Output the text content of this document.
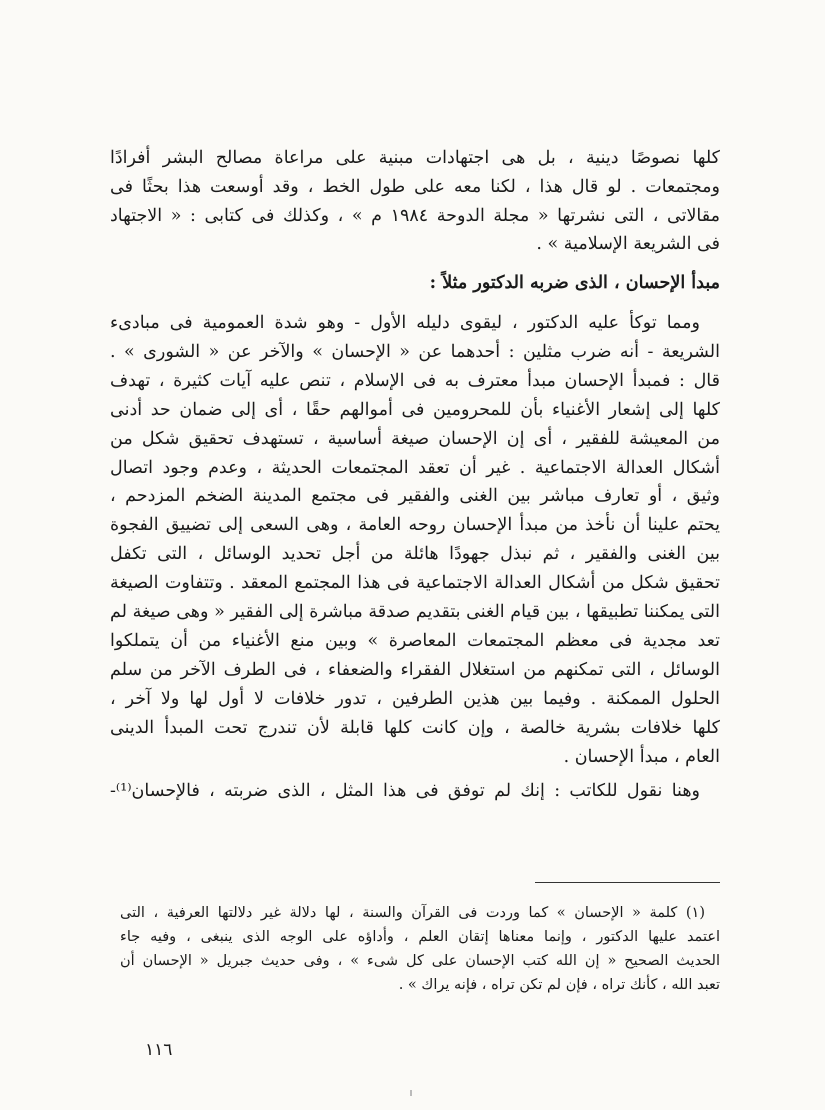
كلها نصوصًا دينية ، بل هى اجتهادات مبنية على مراعاة مصالح البشر أفرادًا
ومجتمعات . لو قال هذا ، لكنا معه على طول الخط ، وقد أوسعت هذا بحثًا فى
مقالاتى ، التى نشرتها « مجلة الدوحة ١٩٨٤ م » ، وكذلك فى كتابى : « الاجتهاد
فى الشريعة الإسلامية » .
مبدأ الإحسان ، الذى ضربه الدكتور مثلاً :
ومما توكأ عليه الدكتور ، ليقوى دليله الأول - وهو شدة العمومية فى مبادىء
الشريعة - أنه ضرب مثلين : أحدهما عن « الإحسان » والآخر عن « الشورى » .
قال : فمبدأ الإحسان مبدأ معترف به فى الإسلام ، تنص عليه آيات كثيرة ، تهدف
كلها إلى إشعار الأغنياء بأن للمحرومين فى أموالهم حقًا ، أى إلى ضمان حد أدنى
من المعيشة للفقير ، أى إن الإحسان صيغة أساسية ، تستهدف تحقيق شكل من
أشكال العدالة الاجتماعية . غير أن تعقد المجتمعات الحديثة ، وعدم وجود اتصال
وثيق ، أو تعارف مباشر بين الغنى والفقير فى مجتمع المدينة الضخم المزدحم ،
يحتم علينا أن نأخذ من مبدأ الإحسان روحه العامة ، وهى السعى إلى تضييق الفجوة
بين الغنى والفقير ، ثم نبذل جهودًا هائلة من أجل تحديد الوسائل ، التى تكفل
تحقيق شكل من أشكال العدالة الاجتماعية فى هذا المجتمع المعقد . وتتفاوت الصيغة
التى يمكننا تطبيقها ، بين قيام الغنى بتقديم صدقة مباشرة إلى الفقير « وهى صيغة لم
تعد مجدية فى معظم المجتمعات المعاصرة » وبين منع الأغنياء من أن يتملكوا
الوسائل ، التى تمكنهم من استغلال الفقراء والضعفاء ، فى الطرف الآخر من سلم
الحلول الممكنة . وفيما بين هذين الطرفين ، تدور خلافات لا أول لها ولا آخر ،
كلها خلافات بشرية خالصة ، وإن كانت كلها قابلة لأن تندرج تحت المبدأ الدينى
العام ، مبدأ الإحسان .
وهنا نقول للكاتب : إنك لم توفق فى هذا المثل ، الذى ضربته ، فالإحسان⁽¹⁾-
(١) كلمة « الإحسان » كما وردت فى القرآن والسنة ، لها دلالة غير دلالتها العرفية ، التى
اعتمد عليها الدكتور ، وإنما معناها إتقان العلم ، وأداؤه على الوجه الذى ينبغى ، وفيه جاء
الحديث الصحيح « إن الله كتب الإحسان على كل شىء » ، وفى حديث جبريل « الإحسان أن
تعبد الله ، كأنك تراه ، فإن لم تكن تراه ، فإنه يراك » .
١١٦
